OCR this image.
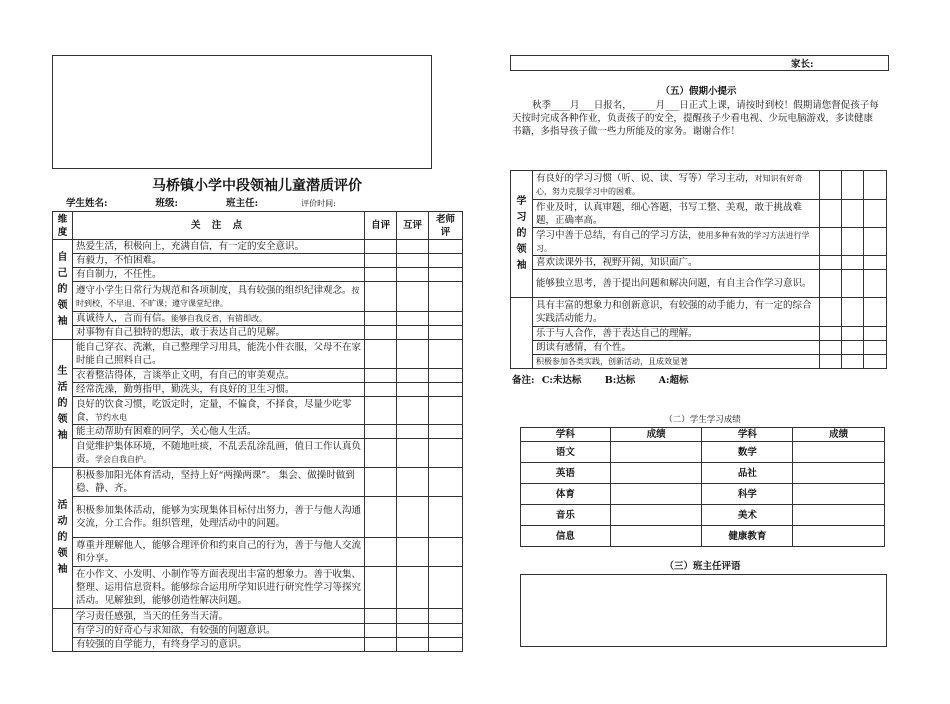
马桥镇小学中段领袖儿童潜质评价
学生姓名:	班级:	班主任:	评价时间:
维度	关 注 点	自评	互评	老师评

自
己
的
领
袖	热爱生活，积极向上，充满自信，有一定的安全意识。			
	有毅力，不怕困难。			
	有自制力，不任性。			
	遵守小学生日常行为规范和各项制度，具有较强的组织纪律观念。按时到校，不早退、不旷课；遵守课堂纪律。			
	真诚待人，言而有信。能够自我反省，有错即改。			
	对事物有自己独特的想法，敢于表达自己的见解。			

生
活
的
领
袖	能自己穿衣、洗漱，自己整理学习用具，能洗小件衣服，父母不在家时能自己照料自己。			
	衣着整洁得体，言谈举止文明，有自己的审美观点。			
	经常洗澡，勤剪指甲，勤洗头，有良好的卫生习惯。			
	良好的饮食习惯，吃饭定时，定量，不偏食，不择食，尽量少吃零食，节约水电			
	能主动帮助有困难的同学，关心他人生活。			
	自觉维护集体环境，不随地吐痰，不乱丢乱涂乱画，值日工作认真负责。学会自我自护。			

活
动
的
领
袖	积极参加阳光体育活动，坚持上好“两操两课”。 集会、做操时做到稳、静、齐。			
	积极参加集体活动，能够为实现集体目标付出努力，善于与他人沟通交流，分工合作。组织管理，处理活动中的问题。			
	尊重并理解他人，能够合理评价和约束自己的行为，善于与他人交流和分享。			
	在小作文、小发明、小制作等方面表现出丰富的想象力。善于收集、整理、运用信息资料。能够综合运用所学知识进行研究性学习等探究活动。见解独到，能够创造性解决问题。			
	学习责任感强，当天的任务当天清。			
	有学习的好奇心与求知欲，有较强的问题意识。			
	有较强的自学能力，有终身学习的意识。			
家长:
（五）假期小提示
秋季____月___日报名，_____月___日正式上课，请按时到校！假期请您督促孩子每天按时完成各种作业，负责孩子的安全，提醒孩子少看电视、少玩电脑游戏，多读健康书籍，多指导孩子做一些力所能及的家务。谢谢合作！
学
习
的
领
袖	有良好的学习习惯（听、说、读、写等）学习主动，对知识有好奇心，努力克服学习中的困难。			
	作业及时，认真审题，细心答题，书写工整、美观，敢于挑战难题，正确率高。			
	学习中善于总结，有自己的学习方法，使用多种有效的学习方法进行学习。			
	喜欢读课外书，视野开阔，知识面广。			
	能够独立思考，善于提出问题和解决问题，有自主合作学习意识。			
	具有丰富的想象力和创新意识，有较强的动手能力，有一定的综合实践活动能力。			
	乐于与人合作，善于表达自己的理解。			
	朗读有感情，有个性。			
	积极参加各类实践，创新活动，且成效显著			
备注: C:未达标 B:达标 A:超标
（二）学生学习成绩
学科	成绩	学科	成绩
语文		数学	
英语		品社	
体育		科学	
音乐		美术	
信息		健康教育	
（三）班主任评语
